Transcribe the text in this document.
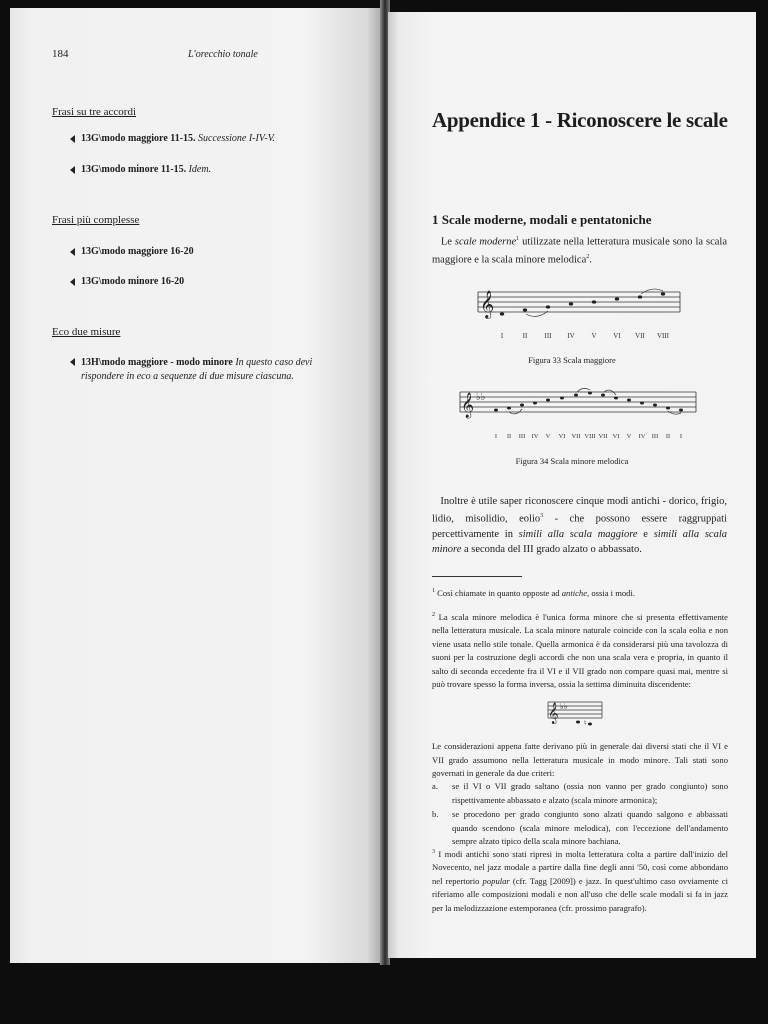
184	L'orecchio tonale
Frasi su tre accordi
13G\modo maggiore 11-15. Successione I-IV-V.
13G\modo minore 11-15. Idem.
Frasi più complesse
13G\modo maggiore 16-20
13G\modo minore 16-20
Eco due misure
13H\modo maggiore - modo minore In questo caso devi rispondere in eco a sequenze di due misure ciascuna.
Appendice 1 - Riconoscere le scale
1 Scale moderne, modali e pentatoniche
Le scale moderne$^1$ utilizzate nella letteratura musicale sono la scala maggiore e la scala minore melodica$^2$.
𝄞
I	II III IV V VI VII VIII
Figura 33 Scala maggiore
𝄞 ♭♭
I II III IV V VI VII VIII VII VI V IV III II I
Figura 34 Scala minore melodica
Inoltre è utile saper riconoscere cinque modi antichi - dorico, frigio, lidio, misolidio, eolio$^3$ - che possono essere raggruppati percettivamente in simili alla scala maggiore e simili alla scala minore a seconda del III grado alzato o abbassato.
$^1$ Così chiamate in quanto opposte ad antiche, ossia i modi.
$^2$ La scala minore melodica è l'unica forma minore che si presenta effettivamente nella letteratura musicale. La scala minore naturale coincide con la scala eolia e non viene usata nello stile tonale. Quella armonica è da considerarsi più una tavolozza di suoni per la costruzione degli accordi che non una scala vera e propria, in quanto il salto di seconda eccedente fra il VI e il VII grado non compare quasi mai, mentre si può trovare spesso la forma inversa, ossia la settima diminuita discendente:
𝄞 ♭♭
♮
Le considerazioni appena fatte derivano più in generale dai diversi stati che il VI e VII grado assumono nella letteratura musicale in modo minore. Tali stati sono governati in generale da due criteri:
a.	se il VI o VII grado saltano (ossia non vanno per grado congiunto) sono rispettivamente abbassato e alzato (scala minore armonica);
b.	se procedono per grado congiunto sono alzati quando salgono e abbassati quando scendono (scala minore melodica), con l'eccezione dell'andamento sempre alzato tipico della scala minore bachiana.
$^3$ I modi antichi sono stati ripresi in molta letteratura colta a partire dall'inizio del Novecento, nel jazz modale a partire dalla fine degli anni '50, così come abbondano nel repertorio popular (cfr. Tagg [2009]) e jazz. In quest'ultimo caso ovviamente ci riferiamo alle composizioni modali e non all'uso che delle scale modali si fa in jazz per la melodizzazione estemporanea (cfr. prossimo paragrafo).
